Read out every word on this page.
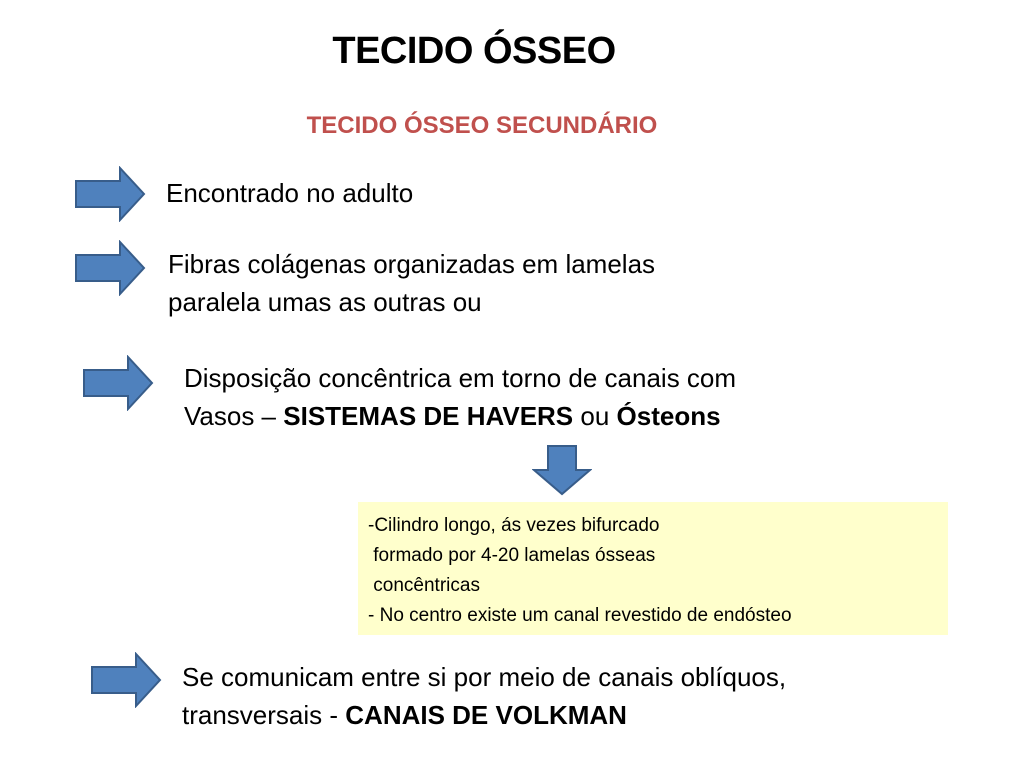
TECIDO ÓSSEO
TECIDO ÓSSEO SECUNDÁRIO
Encontrado no adulto
Fibras colágenas organizadas em lamelas
paralela umas as outras ou
Disposição concêntrica em torno de canais com
Vasos – SISTEMAS DE HAVERS ou Ósteons
-Cilindro longo, ás vezes bifurcado
formado por 4-20 lamelas ósseas
concêntricas
- No centro existe um canal revestido de endósteo
Se comunicam entre si por meio de canais oblíquos,
transversais - CANAIS DE VOLKMAN
